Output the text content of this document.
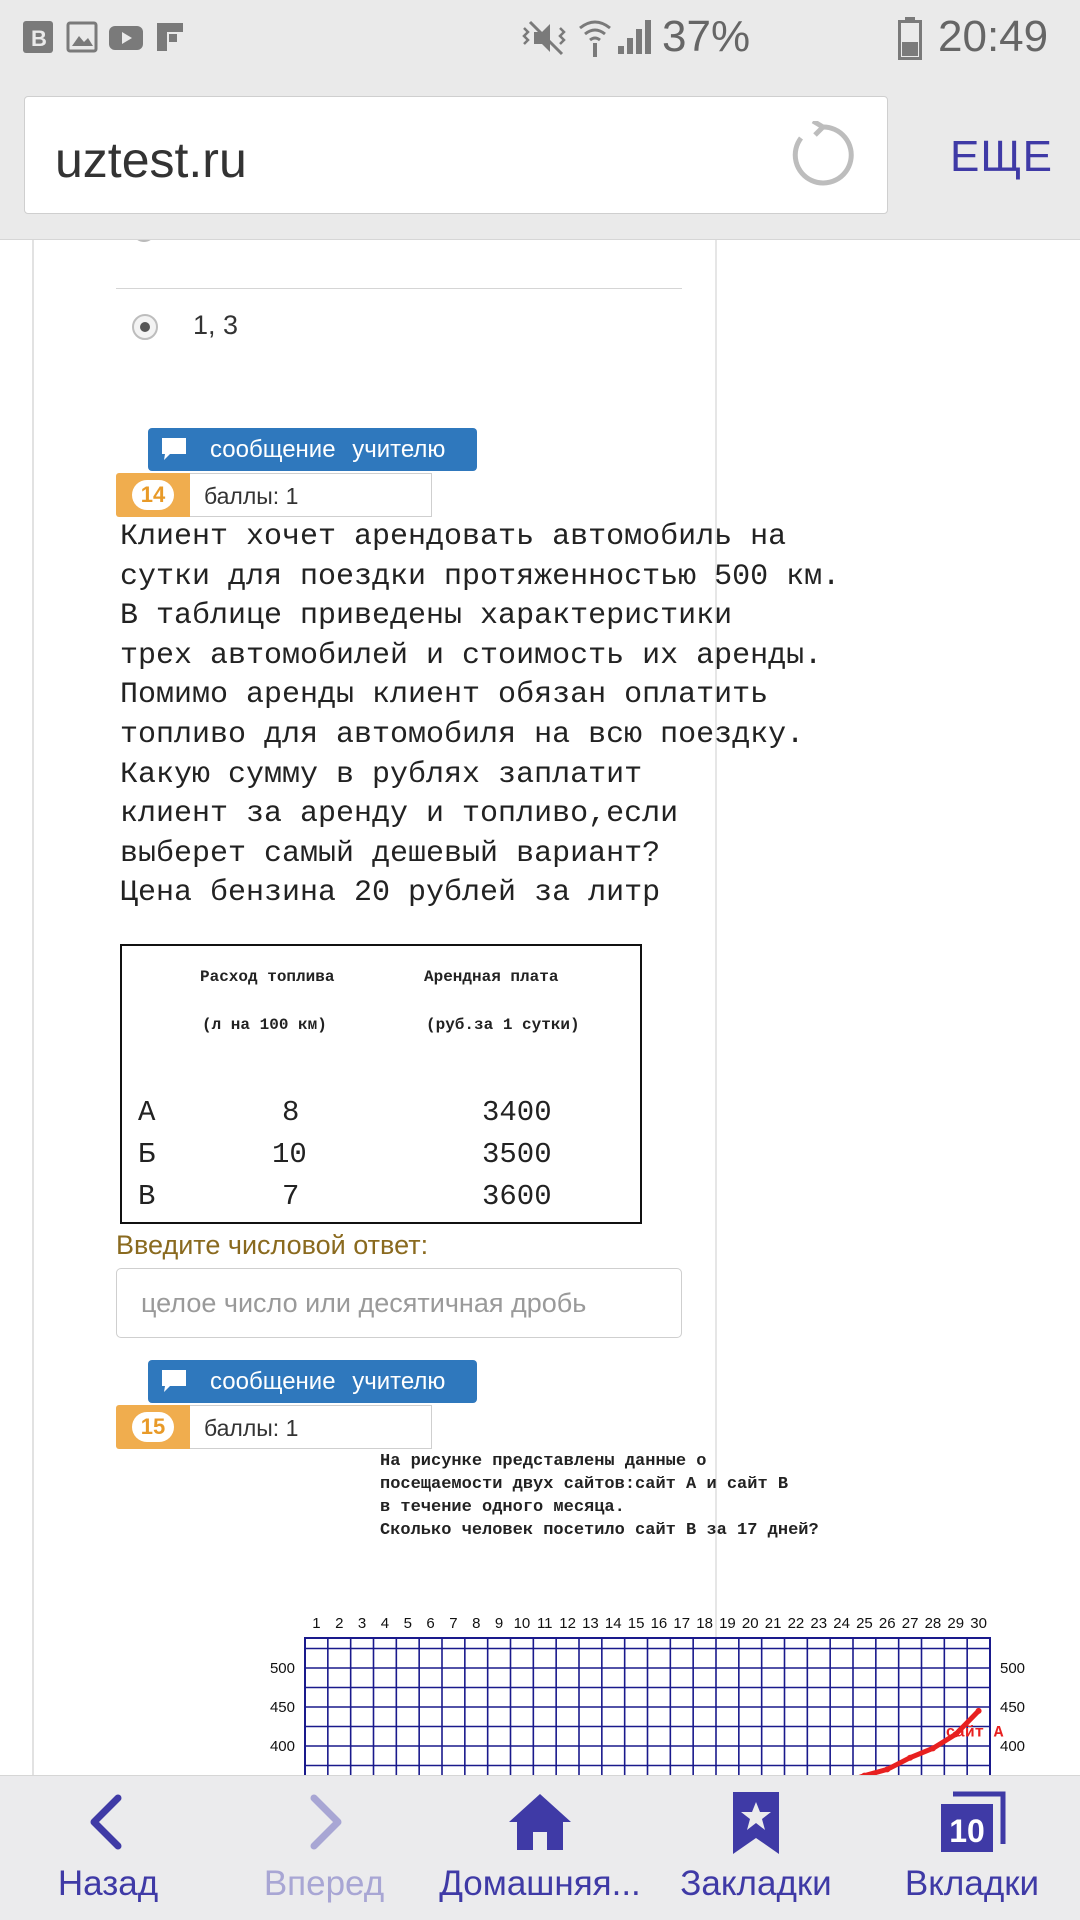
B	37%	20:49
uztest.ru	ЕЩЕ
1, 3
сообщение учителю
14	баллы: 1
Клиент хочет арендовать автомобиль на
сутки для поездки протяженностью 500 км.
В таблице приведены характеристики
трех автомобилей и стоимость их аренды.
Помимо аренды клиент обязан оплатить
топливо для автомобиля на всю поездку.
Какую сумму в рублях заплатит
клиент за аренду и топливо,если
выберет самый дешевый вариант?
Цена бензина 20 рублей за литр
Расход топлива	Арендная плата
(л на 100 км)	(руб.за 1 сутки)
А	8	3400
Б	10	3500
В	7	3600
Введите числовой ответ:
целое число или десятичная дробь
сообщение учителю
15	баллы: 1
На рисунке представлены данные о
посещаемости двух сайтов:сайт А и сайт В
в течение одного месяца.
Сколько человек посетило сайт В за 17 дней?
1 2 3 4 5 6 7 8 9 10 11 12 13 14 15 16 17 18 19 20 21 22 23 24 25 26 27 28 29 30
500	500
450	450
400	400
сайт А
Назад	Вперед	Домашняя...	Закладки
10
Вкладки
